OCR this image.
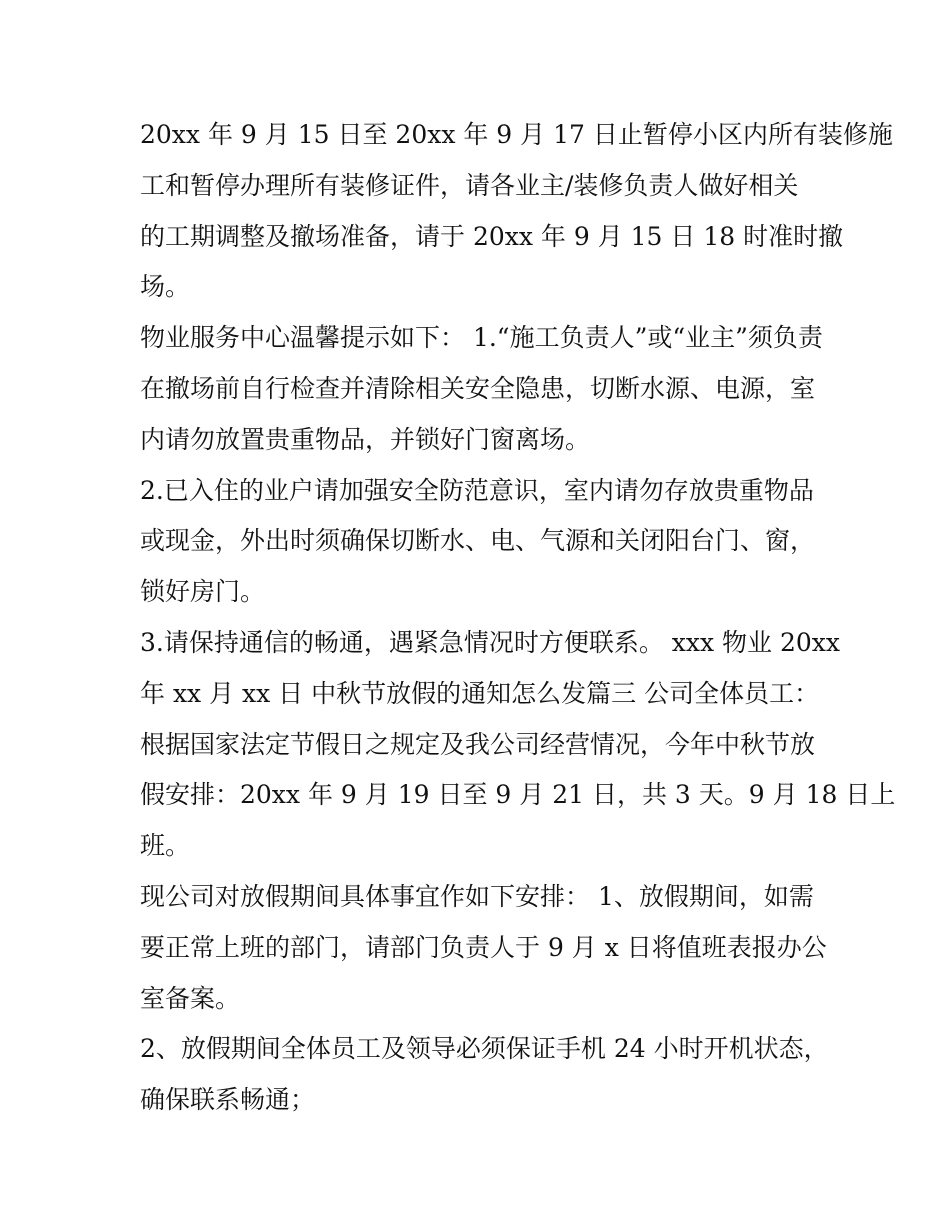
20xx 年 9 月 15 日至 20xx 年 9 月 17 日止暂停小区内所有装修施
工和暂停办理所有装修证件，请各业主/装修负责人做好相关
的工期调整及撤场准备，请于 20xx 年 9 月 15 日 18 时准时撤
场。

物业服务中心温馨提示如下： 1.“施工负责人”或“业主”须负责
在撤场前自行检查并清除相关安全隐患，切断水源、电源，室
内请勿放置贵重物品，并锁好门窗离场。

2.已入住的业户请加强安全防范意识，室内请勿存放贵重物品
或现金，外出时须确保切断水、电、气源和关闭阳台门、窗，
锁好房门。

3.请保持通信的畅通，遇紧急情况时方便联系。 xxx 物业 20xx
年 xx 月 xx 日 中秋节放假的通知怎么发篇三 公司全体员工：
根据国家法定节假日之规定及我公司经营情况，今年中秋节放
假安排：20xx 年 9 月 19 日至 9 月 21 日，共 3 天。9 月 18 日上
班。

现公司对放假期间具体事宜作如下安排： 1、放假期间，如需
要正常上班的部门，请部门负责人于 9 月 x 日将值班表报办公
室备案。

2、放假期间全体员工及领导必须保证手机 24 小时开机状态，
确保联系畅通；
